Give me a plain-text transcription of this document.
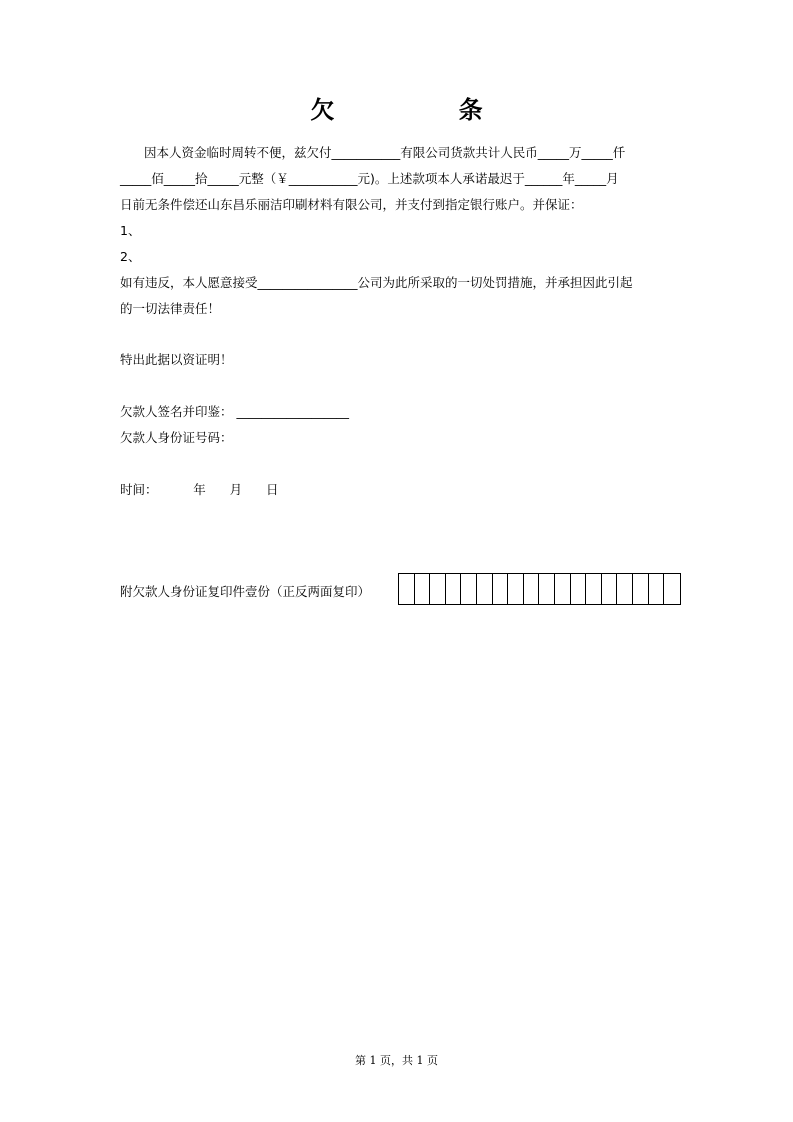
欠 条
因本人资金临时周转不便，兹欠付___________有限公司货款共计人民币_____万_____仟
_____佰_____拾_____元整（￥___________元)。上述款项本人承诺最迟于______年_____月
日前无条件偿还山东昌乐丽洁印刷材料有限公司，并支付到指定银行账户。并保证：
1、
2、
如有违反，本人愿意接受________________公司为此所采取的一切处罚措施，并承担因此引起
的一切法律责任！
特出此据以资证明！
欠款人签名并印鉴： __________________
欠款人身份证号码：
时间：         年      月      日
附欠款人身份证复印件壹份（正反两面复印）
第 1 页，共 1 页
